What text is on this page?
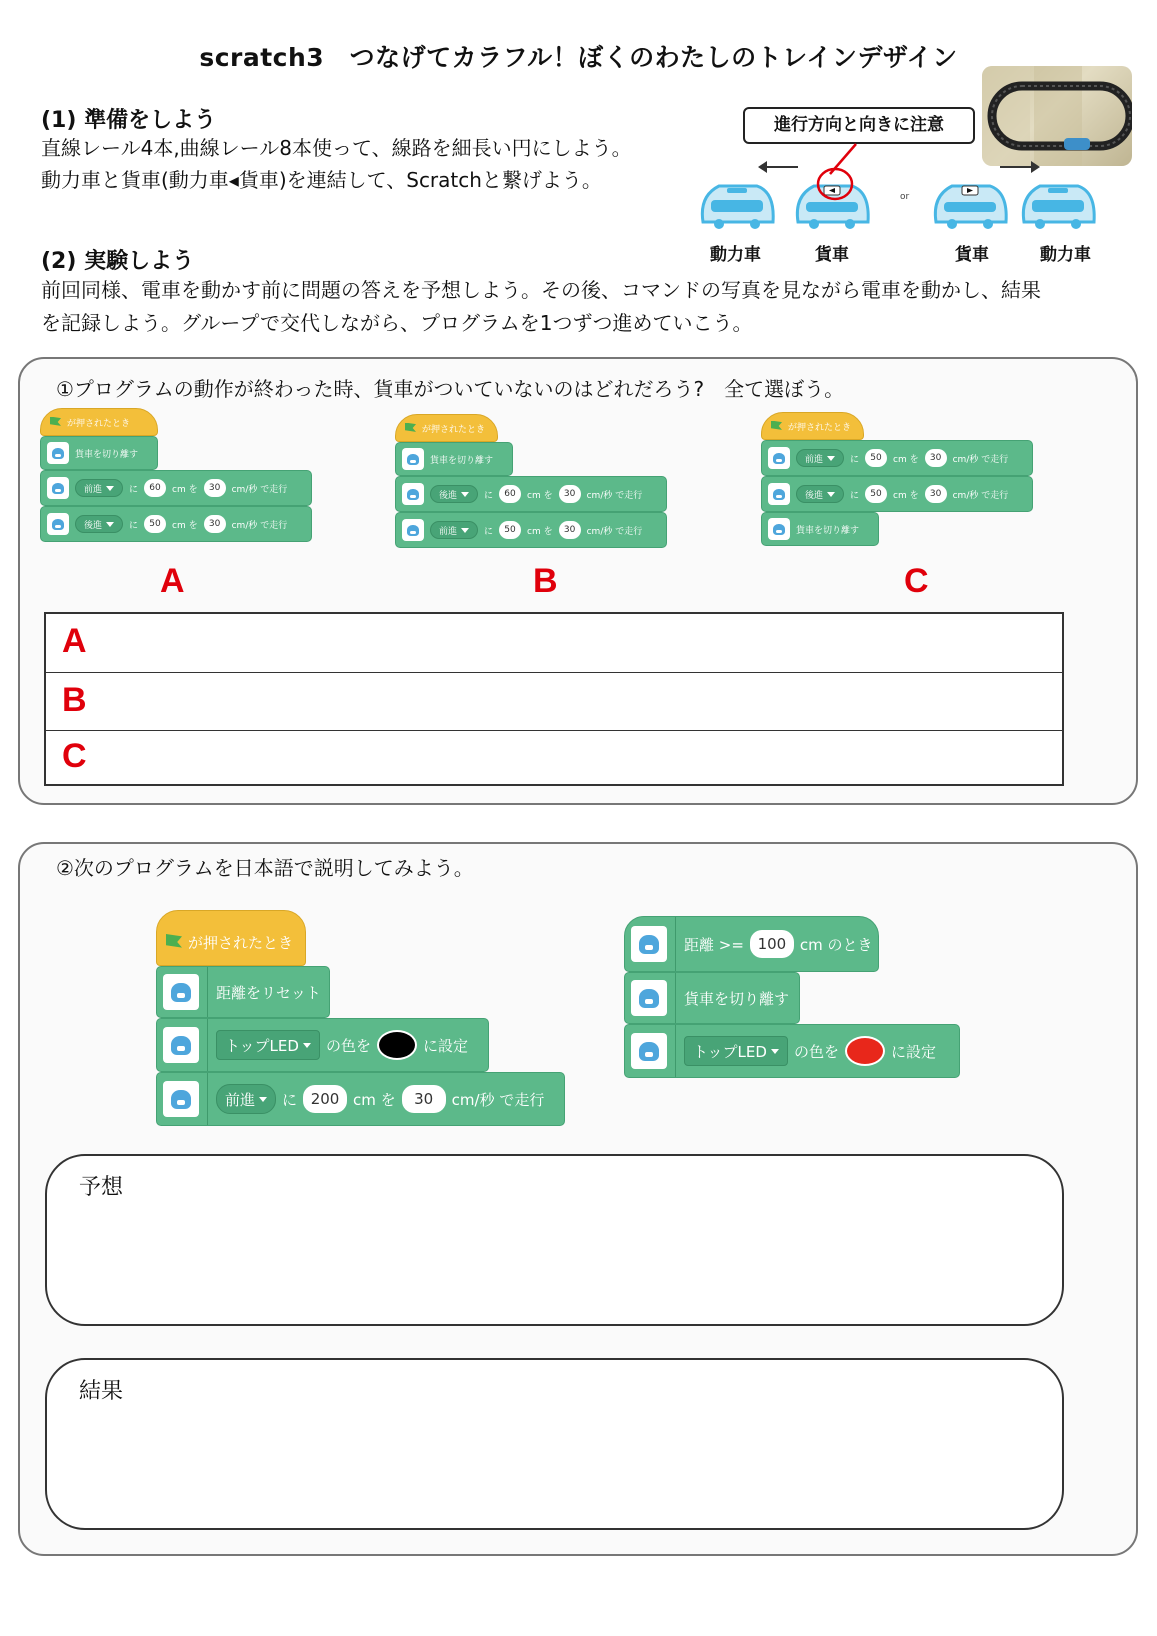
scratch3　つなげてカラフル！ぼくのわたしのトレインデザイン
(1) 準備をしよう
直線レール4本,曲線レール8本使って、線路を細長い円にしよう。
動力車と貨車(動力車◂貨車)を連結して、Scratchと繋げよう。
進行方向と向きに注意
or
動力車	貨車	貨車	動力車
(2) 実験しよう
前回同様、電車を動かす前に問題の答えを予想しよう。その後、コマンドの写真を見ながら電車を動かし、結果
を記録しよう。グループで交代しながら、プログラムを1つずつ進めていこう。
①プログラムの動作が終わった時、貨車がついていないのはどれだろう?　全て選ぼう。
が押されたとき
貨車を切り離す
前進	に	60	cm を	30	cm/秒 で走行
後進	に	50	cm を	30	cm/秒 で走行
A
が押されたとき
貨車を切り離す
後進	に	60	cm を	30	cm/秒 で走行
前進	に	50	cm を	30	cm/秒 で走行
B
が押されたとき
前進	に	50	cm を	30	cm/秒 で走行
後進	に	50	cm を	30	cm/秒 で走行
貨車を切り離す
C
A
B
C
②次のプログラムを日本語で説明してみよう。
が押されたとき
距離をリセット
トップLED	の色を	に設定
前進	に 200 cm を	30	cm/秒 で走行
距離 >= 100 cm のとき
貨車を切り離す
トップLED	の色を	に設定
予想
結果
